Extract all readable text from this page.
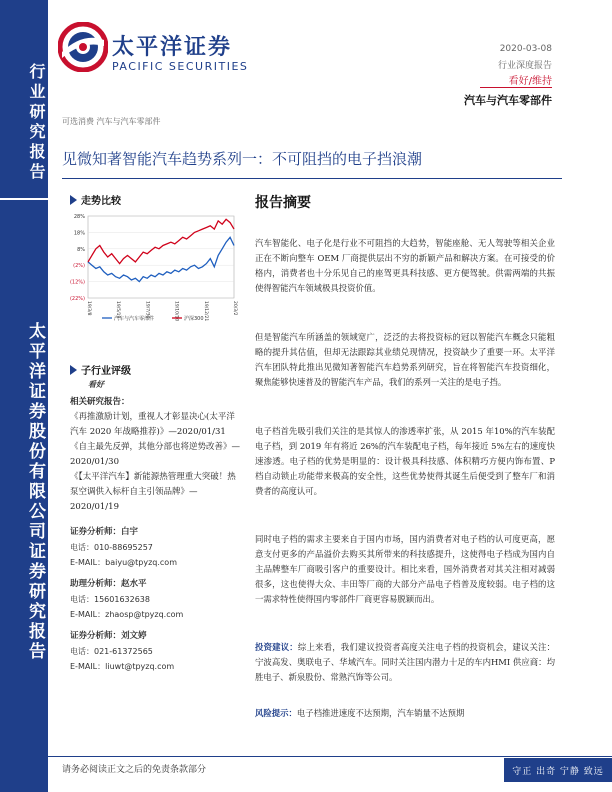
行业研究报告
太平洋证券股份有限公司证券研究报告
太平洋证券
PACIFIC SECURITIES
2020-03-08
行业深度报告
看好/维持
汽车与汽车零部件
可选消费 汽车与汽车零部件
见微知著智能汽车趋势系列一：不可阻挡的电子挡浪潮
走势比较	报告摘要
28%
18%
8%
(2%)
(12%)
(22%)
19/3/8	19/5/19	19/7/30	19/10/10	19/12/21	20/3/2
汽车与汽车零部件	沪深300
子行业评级
看好
相关研究报告：
《再推激励计划，重视人才彰显决心(太平洋汽车 2020 年战略推荐)》—2020/01/31
《自主最先反弹，其他分部也将逆势改善》—2020/01/30
《【太平洋汽车】新能源热管理重大突破！热泵空调供入标杆自主引领品牌》—2020/01/19
证券分析师：白宇
电话：010-88695257
E-MAIL：baiyu@tpyzq.com
助理分析师：赵水平
电话：15601632638
E-MAIL：zhaosp@tpyzq.com
证券分析师：刘文婷
电话：021-61372565
E-MAIL：liuwt@tpyzq.com
汽车智能化、电子化是行业不可阻挡的大趋势，智能座舱、无人驾驶等相关企业正在不断向整车 OEM 厂商提供层出不穷的新颖产品和解决方案。在可接受的价格内，消费者也十分乐见自己的座驾更具科技感、更方便驾驶。供需两端的共振使得智能汽车领域极具投资价值。
但是智能汽车所涵盖的领域宽广，泛泛的去将投资标的冠以智能汽车概念只能粗略的提升其估值，但却无法跟踪其业绩兑现情况，投资缺少了重要一环。太平洋汽车团队特此推出见微知著智能汽车趋势系列研究，旨在将智能汽车投资细化，聚焦能够快速普及的智能汽车产品，我们的系列一关注的是电子挡。
电子档首先吸引我们关注的是其惊人的渗透率扩张，从 2015 年10%的汽车装配电子档，到 2019 年有将近 26%的汽车装配电子档，每年接近 5%左右的速度快速渗透。电子档的优势是明显的：设计极具科技感、体积精巧方便内饰布置、P 档自动锁止功能带来极高的安全性，这些优势使得其诞生后便受到了整车厂和消费者的高度认可。
同时电子档的需求主要来自于国内市场，国内消费者对电子档的认可度更高，愿意支付更多的产品溢价去购买其所带来的科技感提升，这使得电子档成为国内自主品牌整车厂商吸引客户的重要设计。相比来看，国外消费者对其关注相对减弱很多，这也使得大众、丰田等厂商的大部分产品电子档普及度较弱。电子档的这一需求特性使得国内零部件厂商更容易脱颖而出。
投资建议：综上来看，我们建议投资者高度关注电子档的投资机会，建议关注：宁波高发、奥联电子、华域汽车。同时关注国内潜力十足的车内HMI 供应商：均胜电子、新泉股份、常熟汽饰等公司。
风险提示：电子档推进速度不达预期，汽车销量不达预期
请务必阅读正文之后的免责条款部分	守正 出奇 宁静 致远
